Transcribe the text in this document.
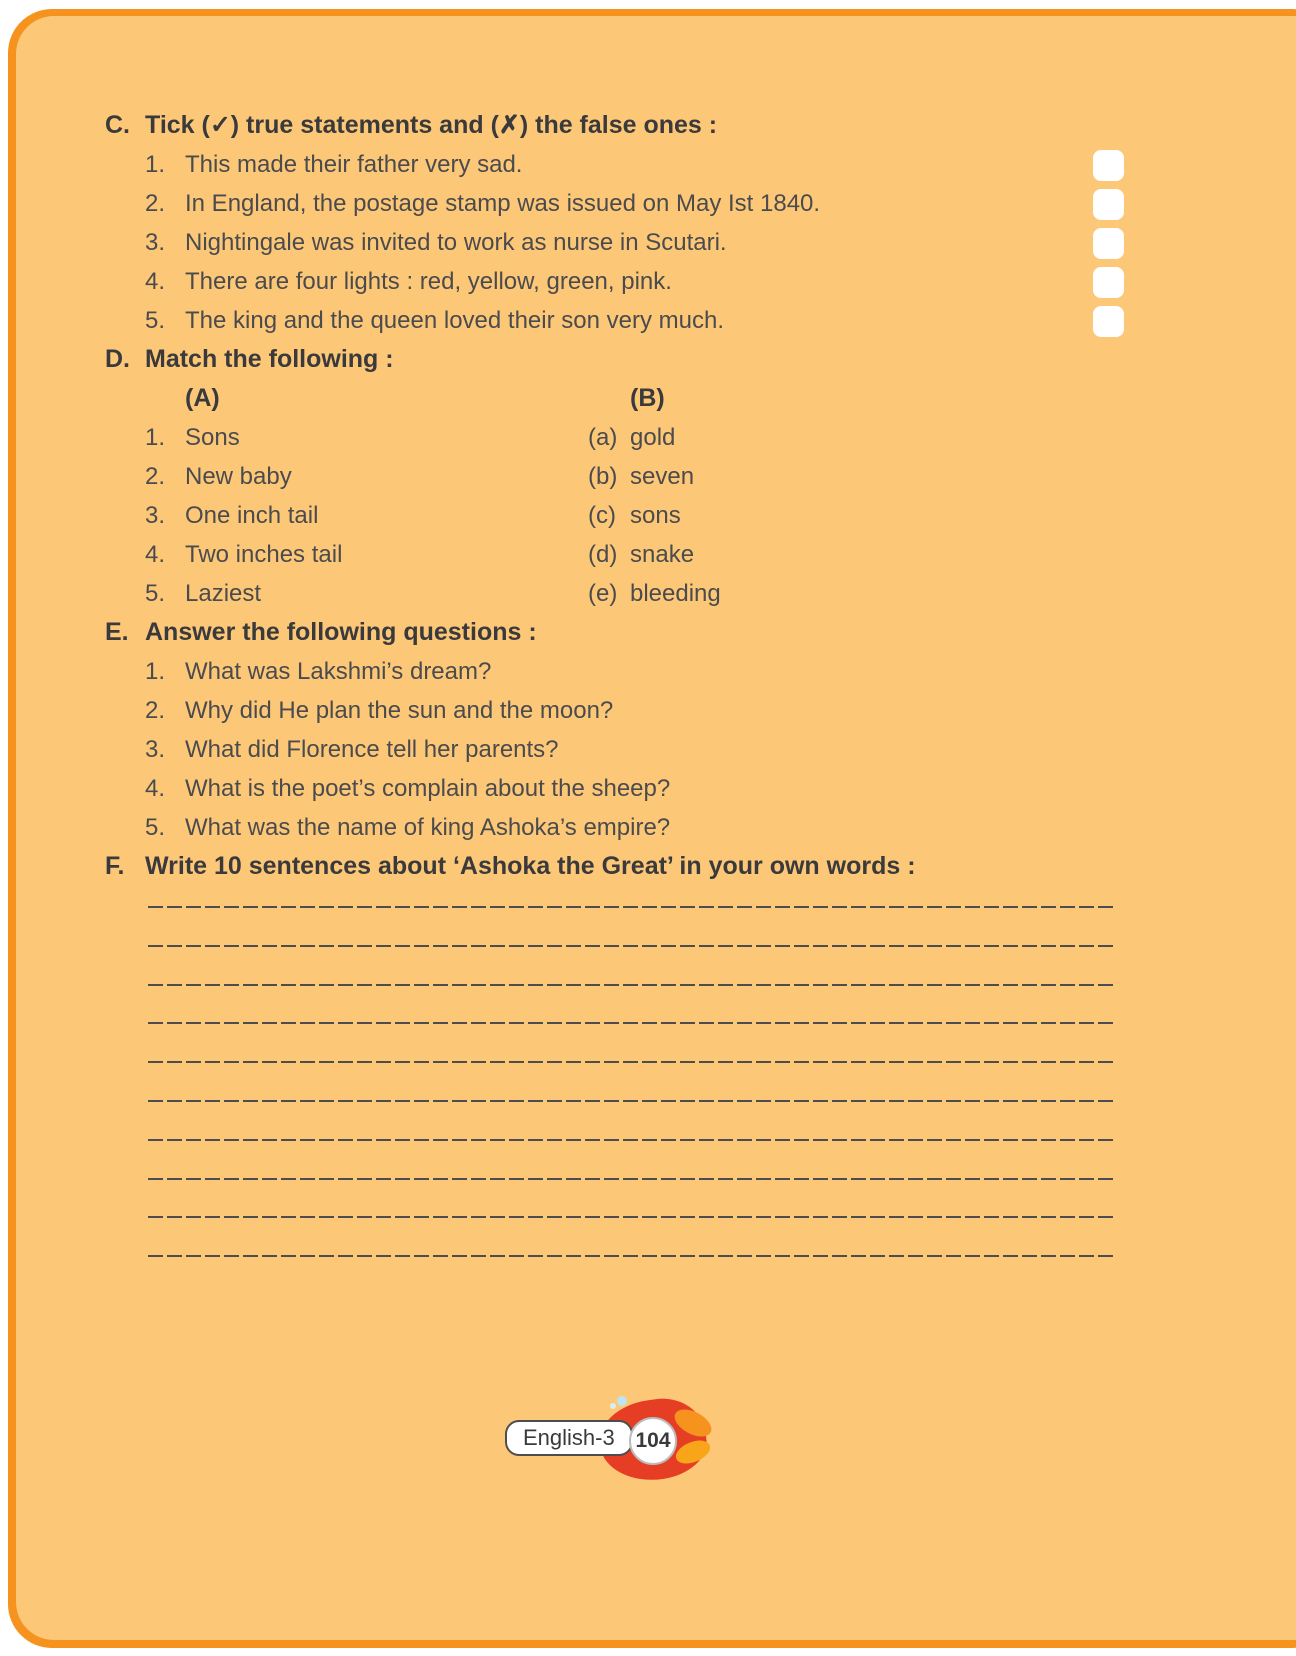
C. Tick (✓) true statements and (✗) the false ones :
1. This made their father very sad.
2. In England, the postage stamp was issued on May Ist 1840.
3. Nightingale was invited to work as nurse in Scutari.
4. There are four lights : red, yellow, green, pink.
5. The king and the queen loved their son very much.
D. Match the following :
(A)	(B)
1. Sons	(a) gold
2. New baby	(b) seven
3. One inch tail	(c) sons
4. Two inches tail	(d) snake
5. Laziest	(e) bleeding
E. Answer the following questions :
1. What was Lakshmi’s dream?
2. Why did He plan the sun and the moon?
3. What did Florence tell her parents?
4. What is the poet’s complain about the sheep?
5. What was the name of king Ashoka’s empire?
F. Write 10 sentences about ‘Ashoka the Great’ in your own words :
English-3 104
